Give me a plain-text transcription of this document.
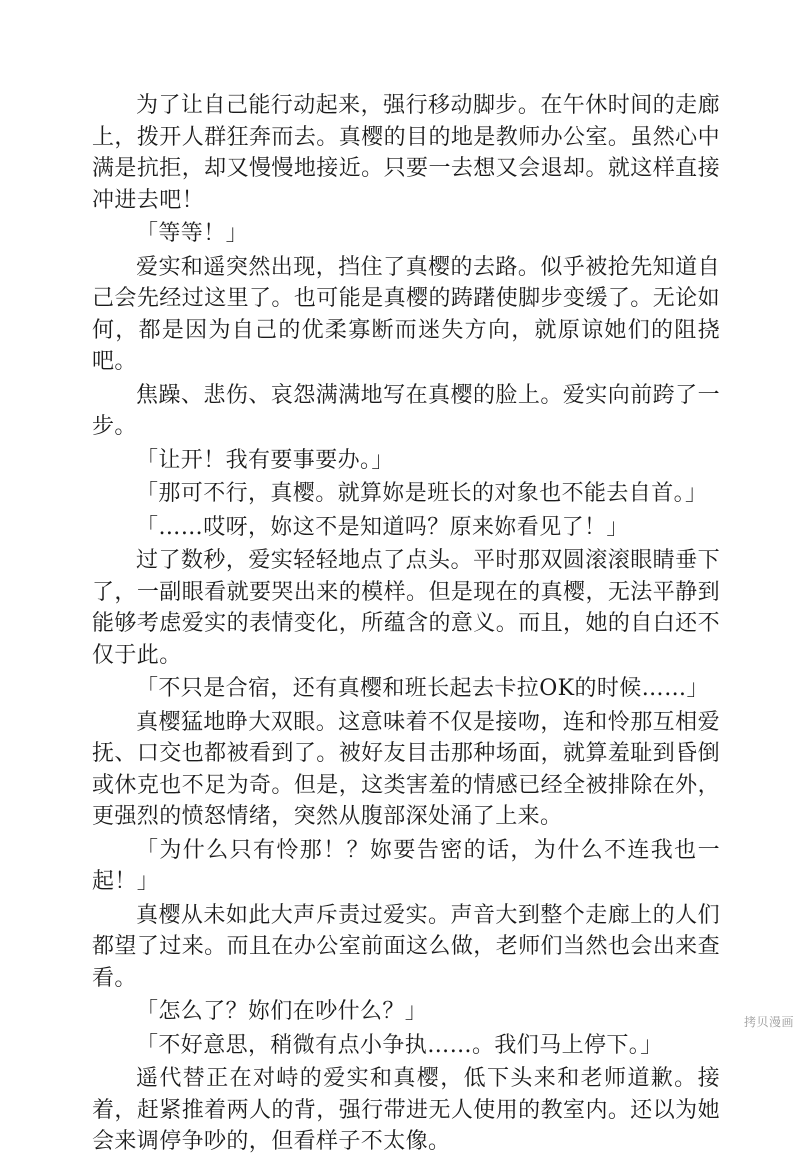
为了让自己能行动起来，强行移动脚步。在午休时间的走廊上，拨开人群狂奔而去。真樱的目的地是教师办公室。虽然心中满是抗拒，却又慢慢地接近。只要一去想又会退却。就这样直接冲进去吧！

「等等！」

爱实和遥突然出现，挡住了真樱的去路。似乎被抢先知道自己会先经过这里了。也可能是真樱的踌躇使脚步变缓了。无论如何，都是因为自己的优柔寡断而迷失方向，就原谅她们的阻挠吧。

焦躁、悲伤、哀怨满满地写在真樱的脸上。爱实向前跨了一步。

「让开！我有要事要办。」

「那可不行，真樱。就算妳是班长的对象也不能去自首。」

「……哎呀，妳这不是知道吗？原来妳看见了！」

过了数秒，爱实轻轻地点了点头。平时那双圆滚滚眼睛垂下了，一副眼看就要哭出来的模样。但是现在的真樱，无法平静到能够考虑爱实的表情变化，所蕴含的意义。而且，她的自白还不仅于此。

「不只是合宿，还有真樱和班长起去卡拉OK的时候……」

真樱猛地睁大双眼。这意味着不仅是接吻，连和怜那互相爱抚、口交也都被看到了。被好友目击那种场面，就算羞耻到昏倒或休克也不足为奇。但是，这类害羞的情感已经全被排除在外，更强烈的愤怒情绪，突然从腹部深处涌了上来。

「为什么只有怜那！？妳要告密的话，为什么不连我也一起！」

真樱从未如此大声斥责过爱实。声音大到整个走廊上的人们都望了过来。而且在办公室前面这么做，老师们当然也会出来查看。

「怎么了？妳们在吵什么？」

「不好意思，稍微有点小争执……。我们马上停下。」

遥代替正在对峙的爱实和真樱，低下头来和老师道歉。接着，赶紧推着两人的背，强行带进无人使用的教室内。还以为她会来调停争吵的，但看样子不太像。

拷贝漫画
